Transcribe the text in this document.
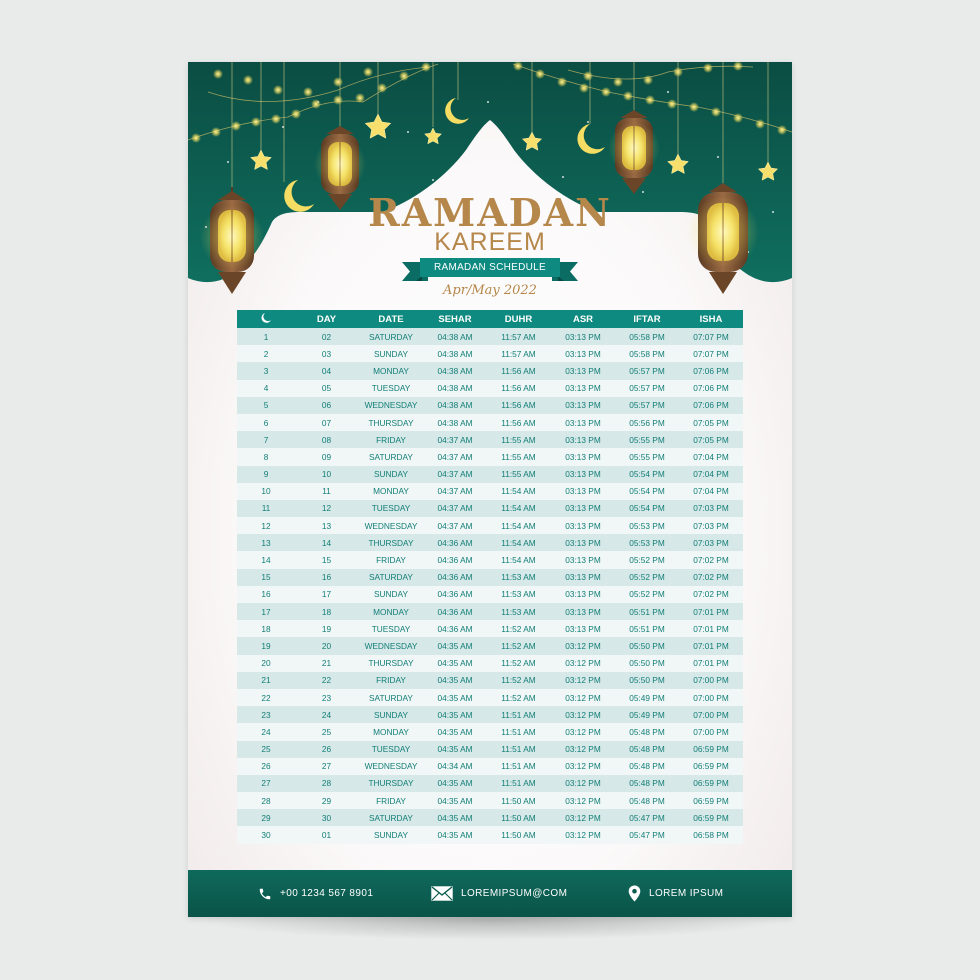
RAMADAN
KAREEM
RAMADAN SCHEDULE
Apr/May 2022
	DAY	DATE	SEHAR	DUHR	ASR	IFTAR	ISHA
1	02	SATURDAY	04:38 AM	11:57 AM	03:13 PM	05:58 PM	07:07 PM
2	03	SUNDAY	04:38 AM	11:57 AM	03:13 PM	05:58 PM	07:07 PM
3	04	MONDAY	04:38 AM	11:56 AM	03:13 PM	05:57 PM	07:06 PM
4	05	TUESDAY	04:38 AM	11:56 AM	03:13 PM	05:57 PM	07:06 PM
5	06	WEDNESDAY	04:38 AM	11:56 AM	03:13 PM	05:57 PM	07:06 PM
6	07	THURSDAY	04:38 AM	11:56 AM	03:13 PM	05:56 PM	07:05 PM
7	08	FRIDAY	04:37 AM	11:55 AM	03:13 PM	05:55 PM	07:05 PM
8	09	SATURDAY	04:37 AM	11:55 AM	03:13 PM	05:55 PM	07:04 PM
9	10	SUNDAY	04:37 AM	11:55 AM	03:13 PM	05:54 PM	07:04 PM
10	11	MONDAY	04:37 AM	11:54 AM	03:13 PM	05:54 PM	07:04 PM
11	12	TUESDAY	04:37 AM	11:54 AM	03:13 PM	05:54 PM	07:03 PM
12	13	WEDNESDAY	04:37 AM	11:54 AM	03:13 PM	05:53 PM	07:03 PM
13	14	THURSDAY	04:36 AM	11:54 AM	03:13 PM	05:53 PM	07:03 PM
14	15	FRIDAY	04:36 AM	11:54 AM	03:13 PM	05:52 PM	07:02 PM
15	16	SATURDAY	04:36 AM	11:53 AM	03:13 PM	05:52 PM	07:02 PM
16	17	SUNDAY	04:36 AM	11:53 AM	03:13 PM	05:52 PM	07:02 PM
17	18	MONDAY	04:36 AM	11:53 AM	03:13 PM	05:51 PM	07:01 PM
18	19	TUESDAY	04:36 AM	11:52 AM	03:13 PM	05:51 PM	07:01 PM
19	20	WEDNESDAY	04:35 AM	11:52 AM	03:12 PM	05:50 PM	07:01 PM
20	21	THURSDAY	04:35 AM	11:52 AM	03:12 PM	05:50 PM	07:01 PM
21	22	FRIDAY	04:35 AM	11:52 AM	03:12 PM	05:50 PM	07:00 PM
22	23	SATURDAY	04:35 AM	11:52 AM	03:12 PM	05:49 PM	07:00 PM
23	24	SUNDAY	04:35 AM	11:51 AM	03:12 PM	05:49 PM	07:00 PM
24	25	MONDAY	04:35 AM	11:51 AM	03:12 PM	05:48 PM	07:00 PM
25	26	TUESDAY	04:35 AM	11:51 AM	03:12 PM	05:48 PM	06:59 PM
26	27	WEDNESDAY	04:34 AM	11:51 AM	03:12 PM	05:48 PM	06:59 PM
27	28	THURSDAY	04:35 AM	11:51 AM	03:12 PM	05:48 PM	06:59 PM
28	29	FRIDAY	04:35 AM	11:50 AM	03:12 PM	05:48 PM	06:59 PM
29	30	SATURDAY	04:35 AM	11:50 AM	03:12 PM	05:47 PM	06:59 PM
30	01	SUNDAY	04:35 AM	11:50 AM	03:12 PM	05:47 PM	06:58 PM
+00 1234 567 8901	LOREMIPSUM@COM	LOREM IPSUM
